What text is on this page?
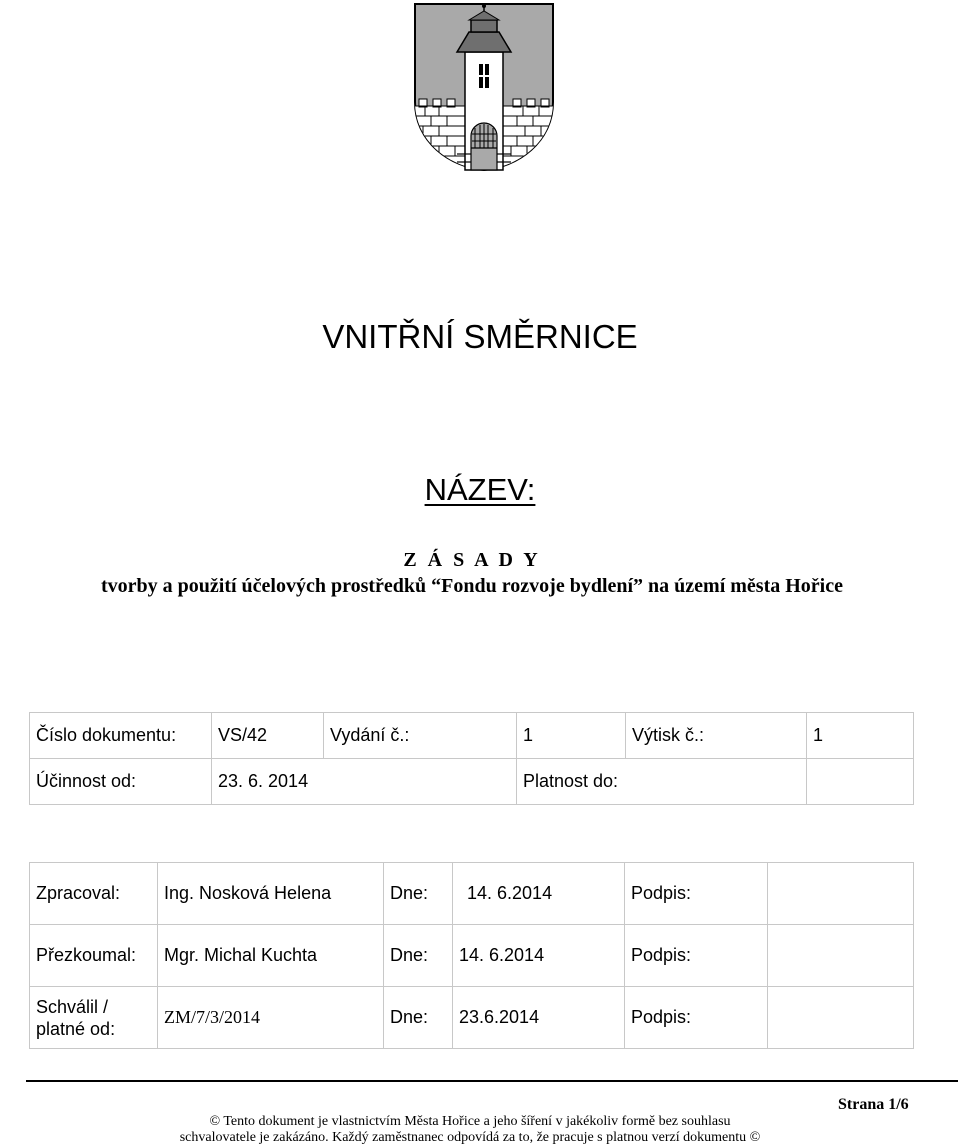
VNITŘNÍ SMĚRNICE
NÁZEV:
Z Á S A D Y
tvorby a použití účelových prostředků “Fondu rozvoje bydlení” na území města Hořice
Číslo dokumentu:	VS/42	Vydání č.:	1	Výtisk č.:	1
Účinnost od:	23. 6. 2014		Platnost do:		
Zpracoval:	Ing. Nosková Helena	Dne:	14. 6.2014	Podpis:	
Přezkoumal:	Mgr. Michal Kuchta	Dne:	14. 6.2014	Podpis:	
Schválil / platné od:	ZM/7/3/2014	Dne:	23.6.2014	Podpis:	
Strana 1/6
© Tento dokument je vlastnictvím Města Hořice a jeho šíření v jakékoliv formě bez souhlasu
schvalovatele je zakázáno. Každý zaměstnanec odpovídá za to, že pracuje s platnou verzí dokumentu ©
